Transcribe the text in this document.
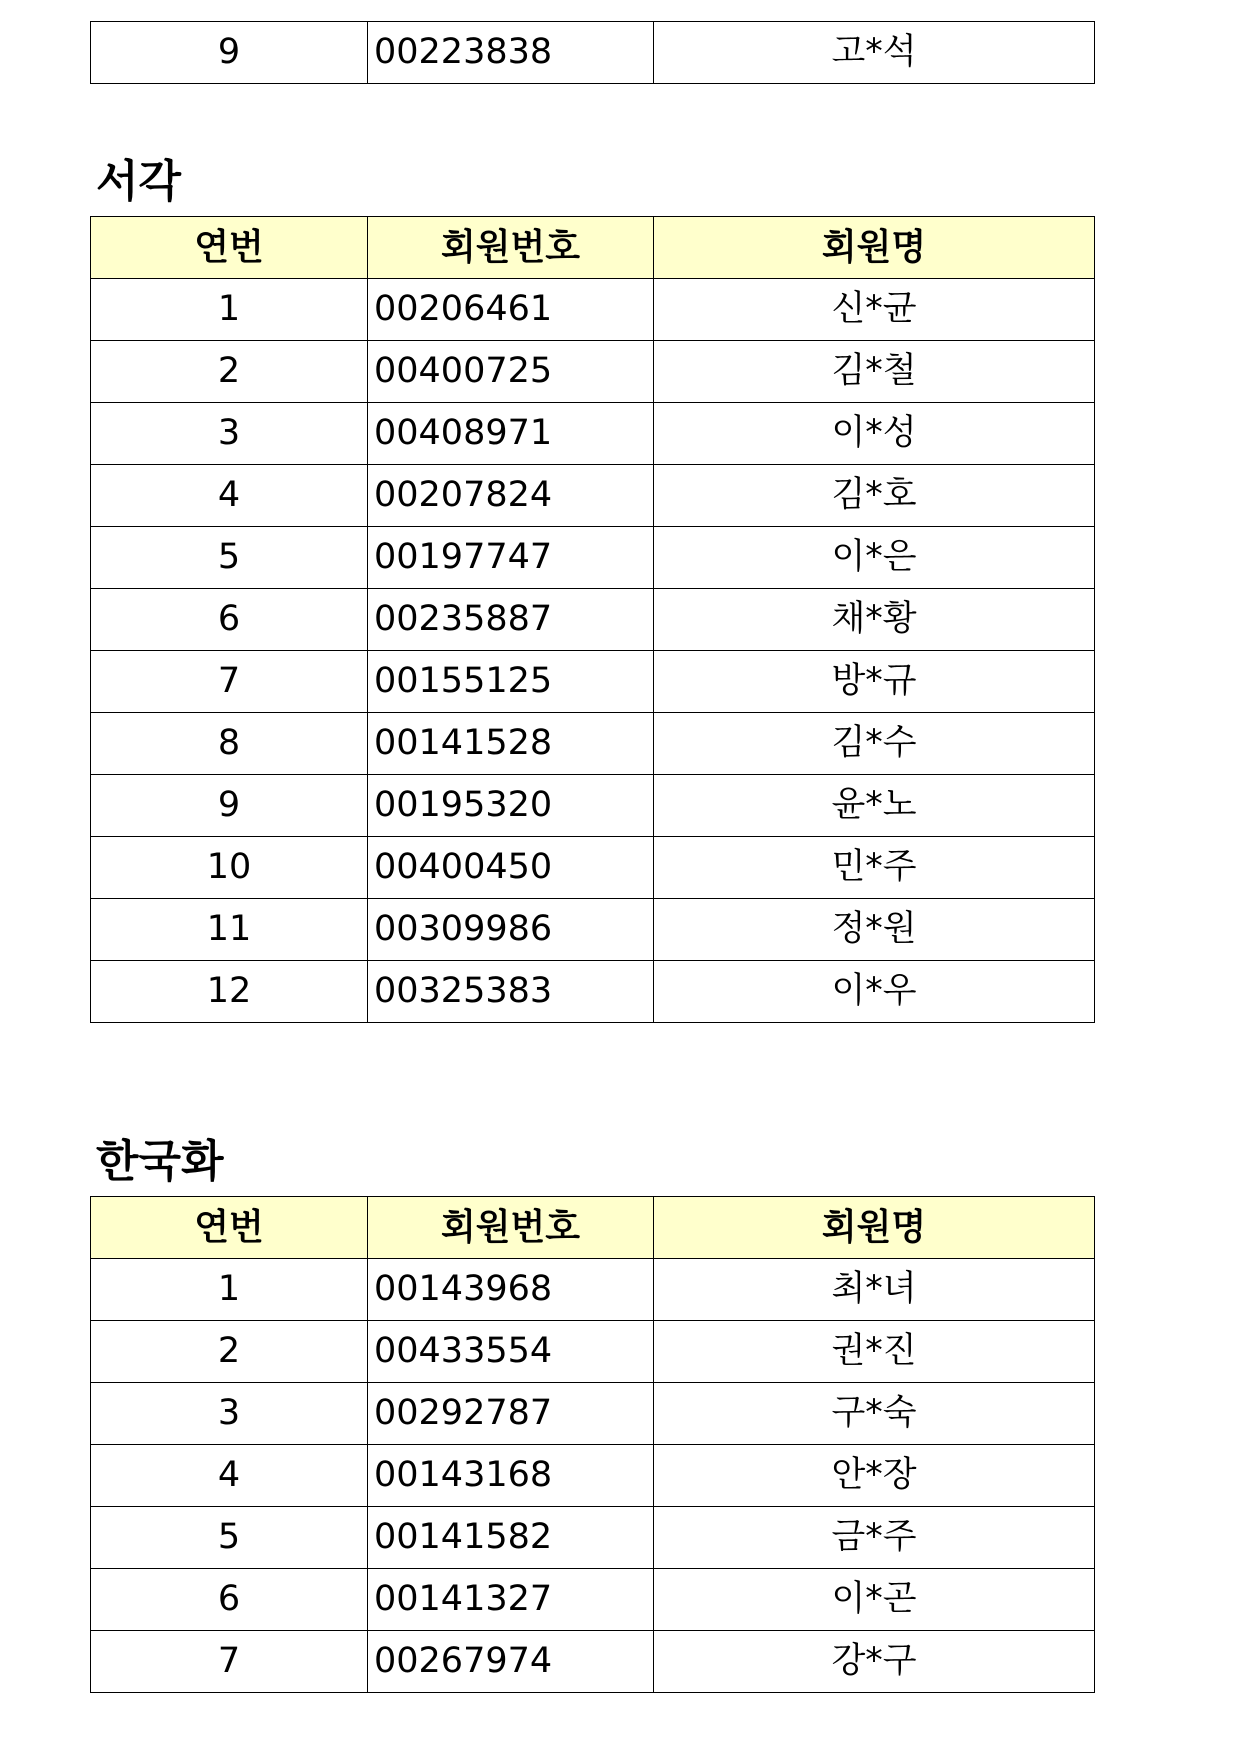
9	00223838	고*석
서각
연번	회원번호	회원명
1	00206461	신*균
2	00400725	김*철
3	00408971	이*성
4	00207824	김*호
5	00197747	이*은
6	00235887	채*황
7	00155125	방*규
8	00141528	김*수
9	00195320	윤*노
10	00400450	민*주
11	00309986	정*원
12	00325383	이*우
한국화
연번	회원번호	회원명
1	00143968	최*녀
2	00433554	권*진
3	00292787	구*숙
4	00143168	안*장
5	00141582	금*주
6	00141327	이*곤
7	00267974	강*구
